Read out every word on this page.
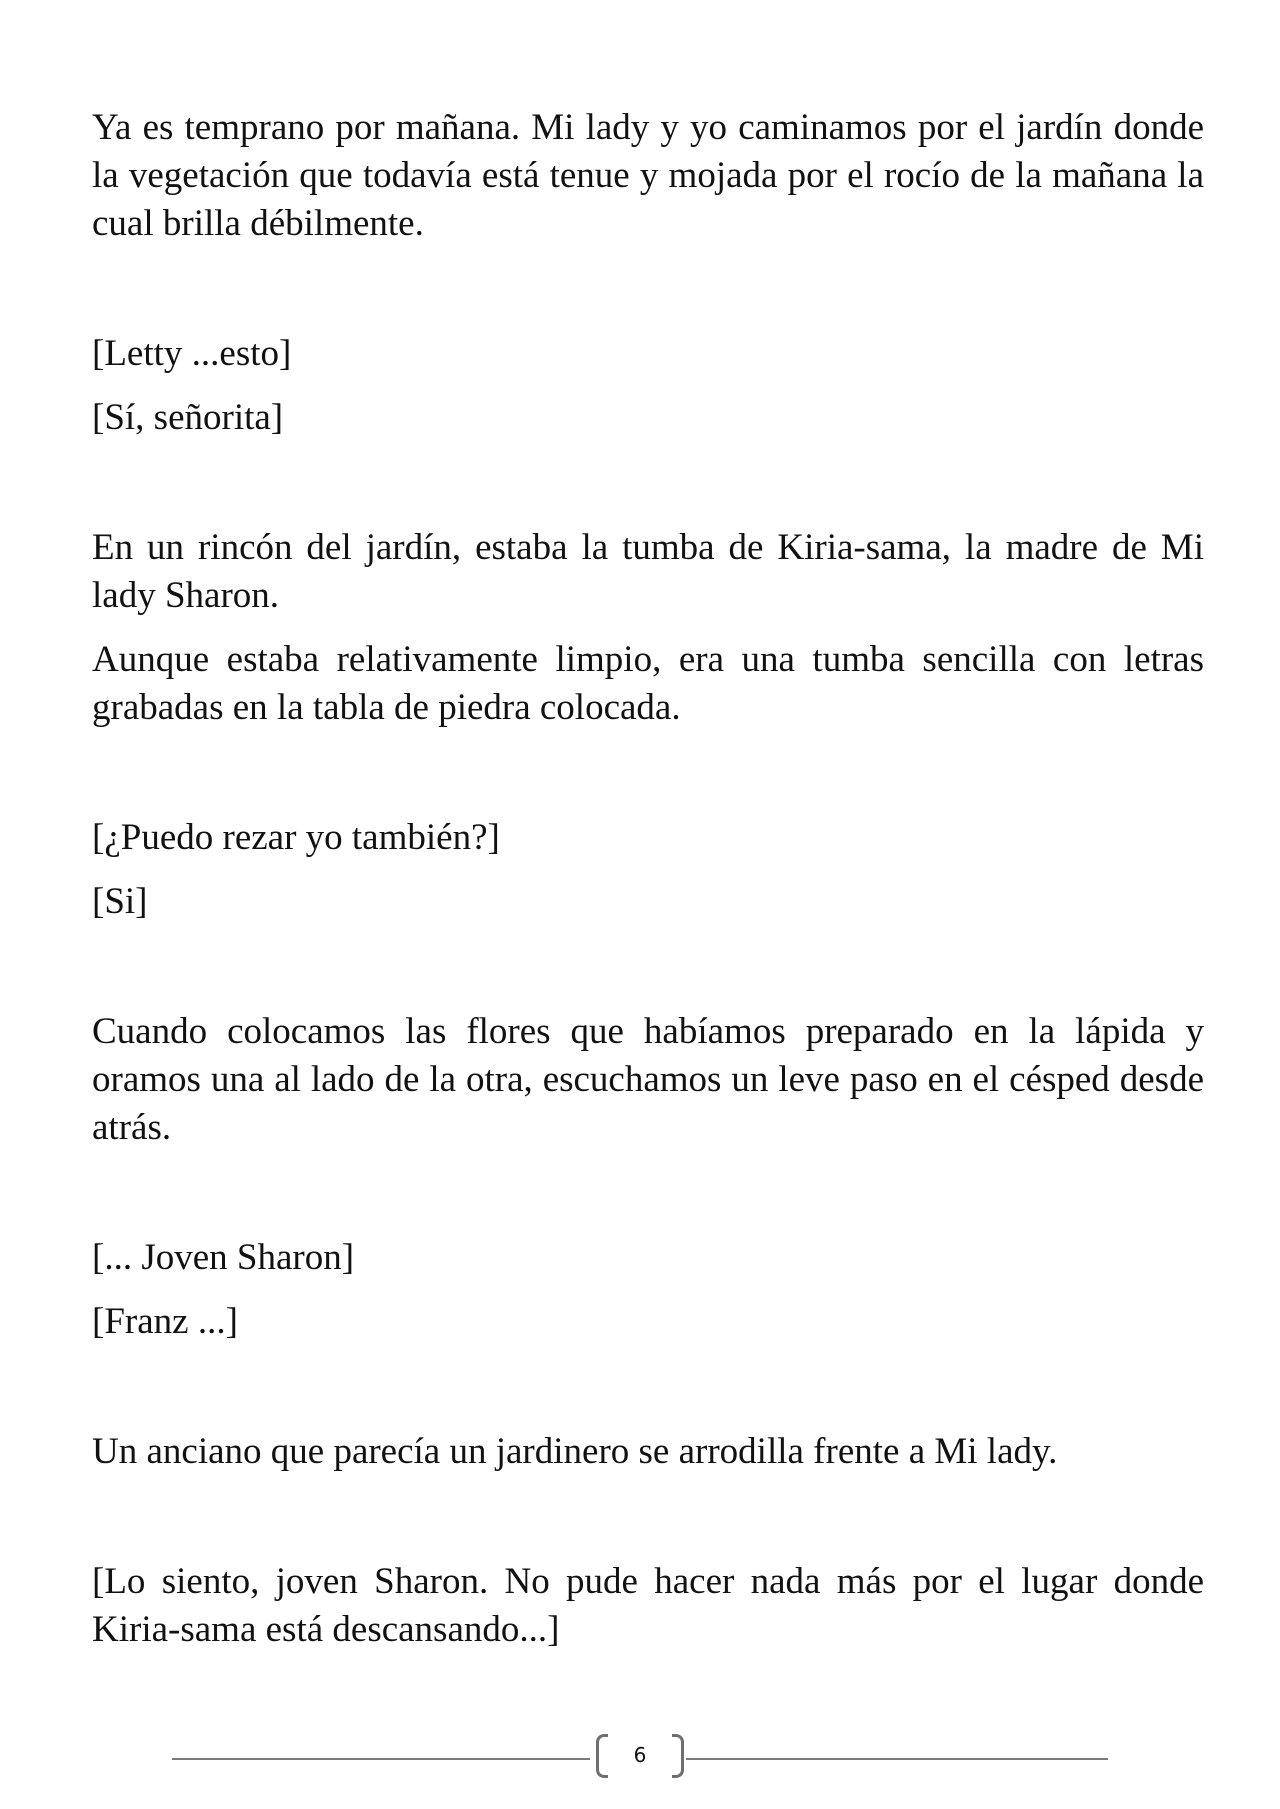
Ya es temprano por mañana. Mi lady y yo caminamos por el jardín donde la vegetación que todavía está tenue y mojada por el rocío de la mañana la cual brilla débilmente.

[Letty ...esto]

[Sí, señorita]

En un rincón del jardín, estaba la tumba de Kiria-sama, la madre de Mi lady Sharon.

Aunque estaba relativamente limpio, era una tumba sencilla con letras grabadas en la tabla de piedra colocada.

[¿Puedo rezar yo también?]

[Si]

Cuando colocamos las flores que habíamos preparado en la lápida y oramos una al lado de la otra, escuchamos un leve paso en el césped desde atrás.

[... Joven Sharon]

[Franz ...]

Un anciano que parecía un jardinero se arrodilla frente a Mi lady.

[Lo siento, joven Sharon. No pude hacer nada más por el lugar donde Kiria-sama está descansando...]

6
